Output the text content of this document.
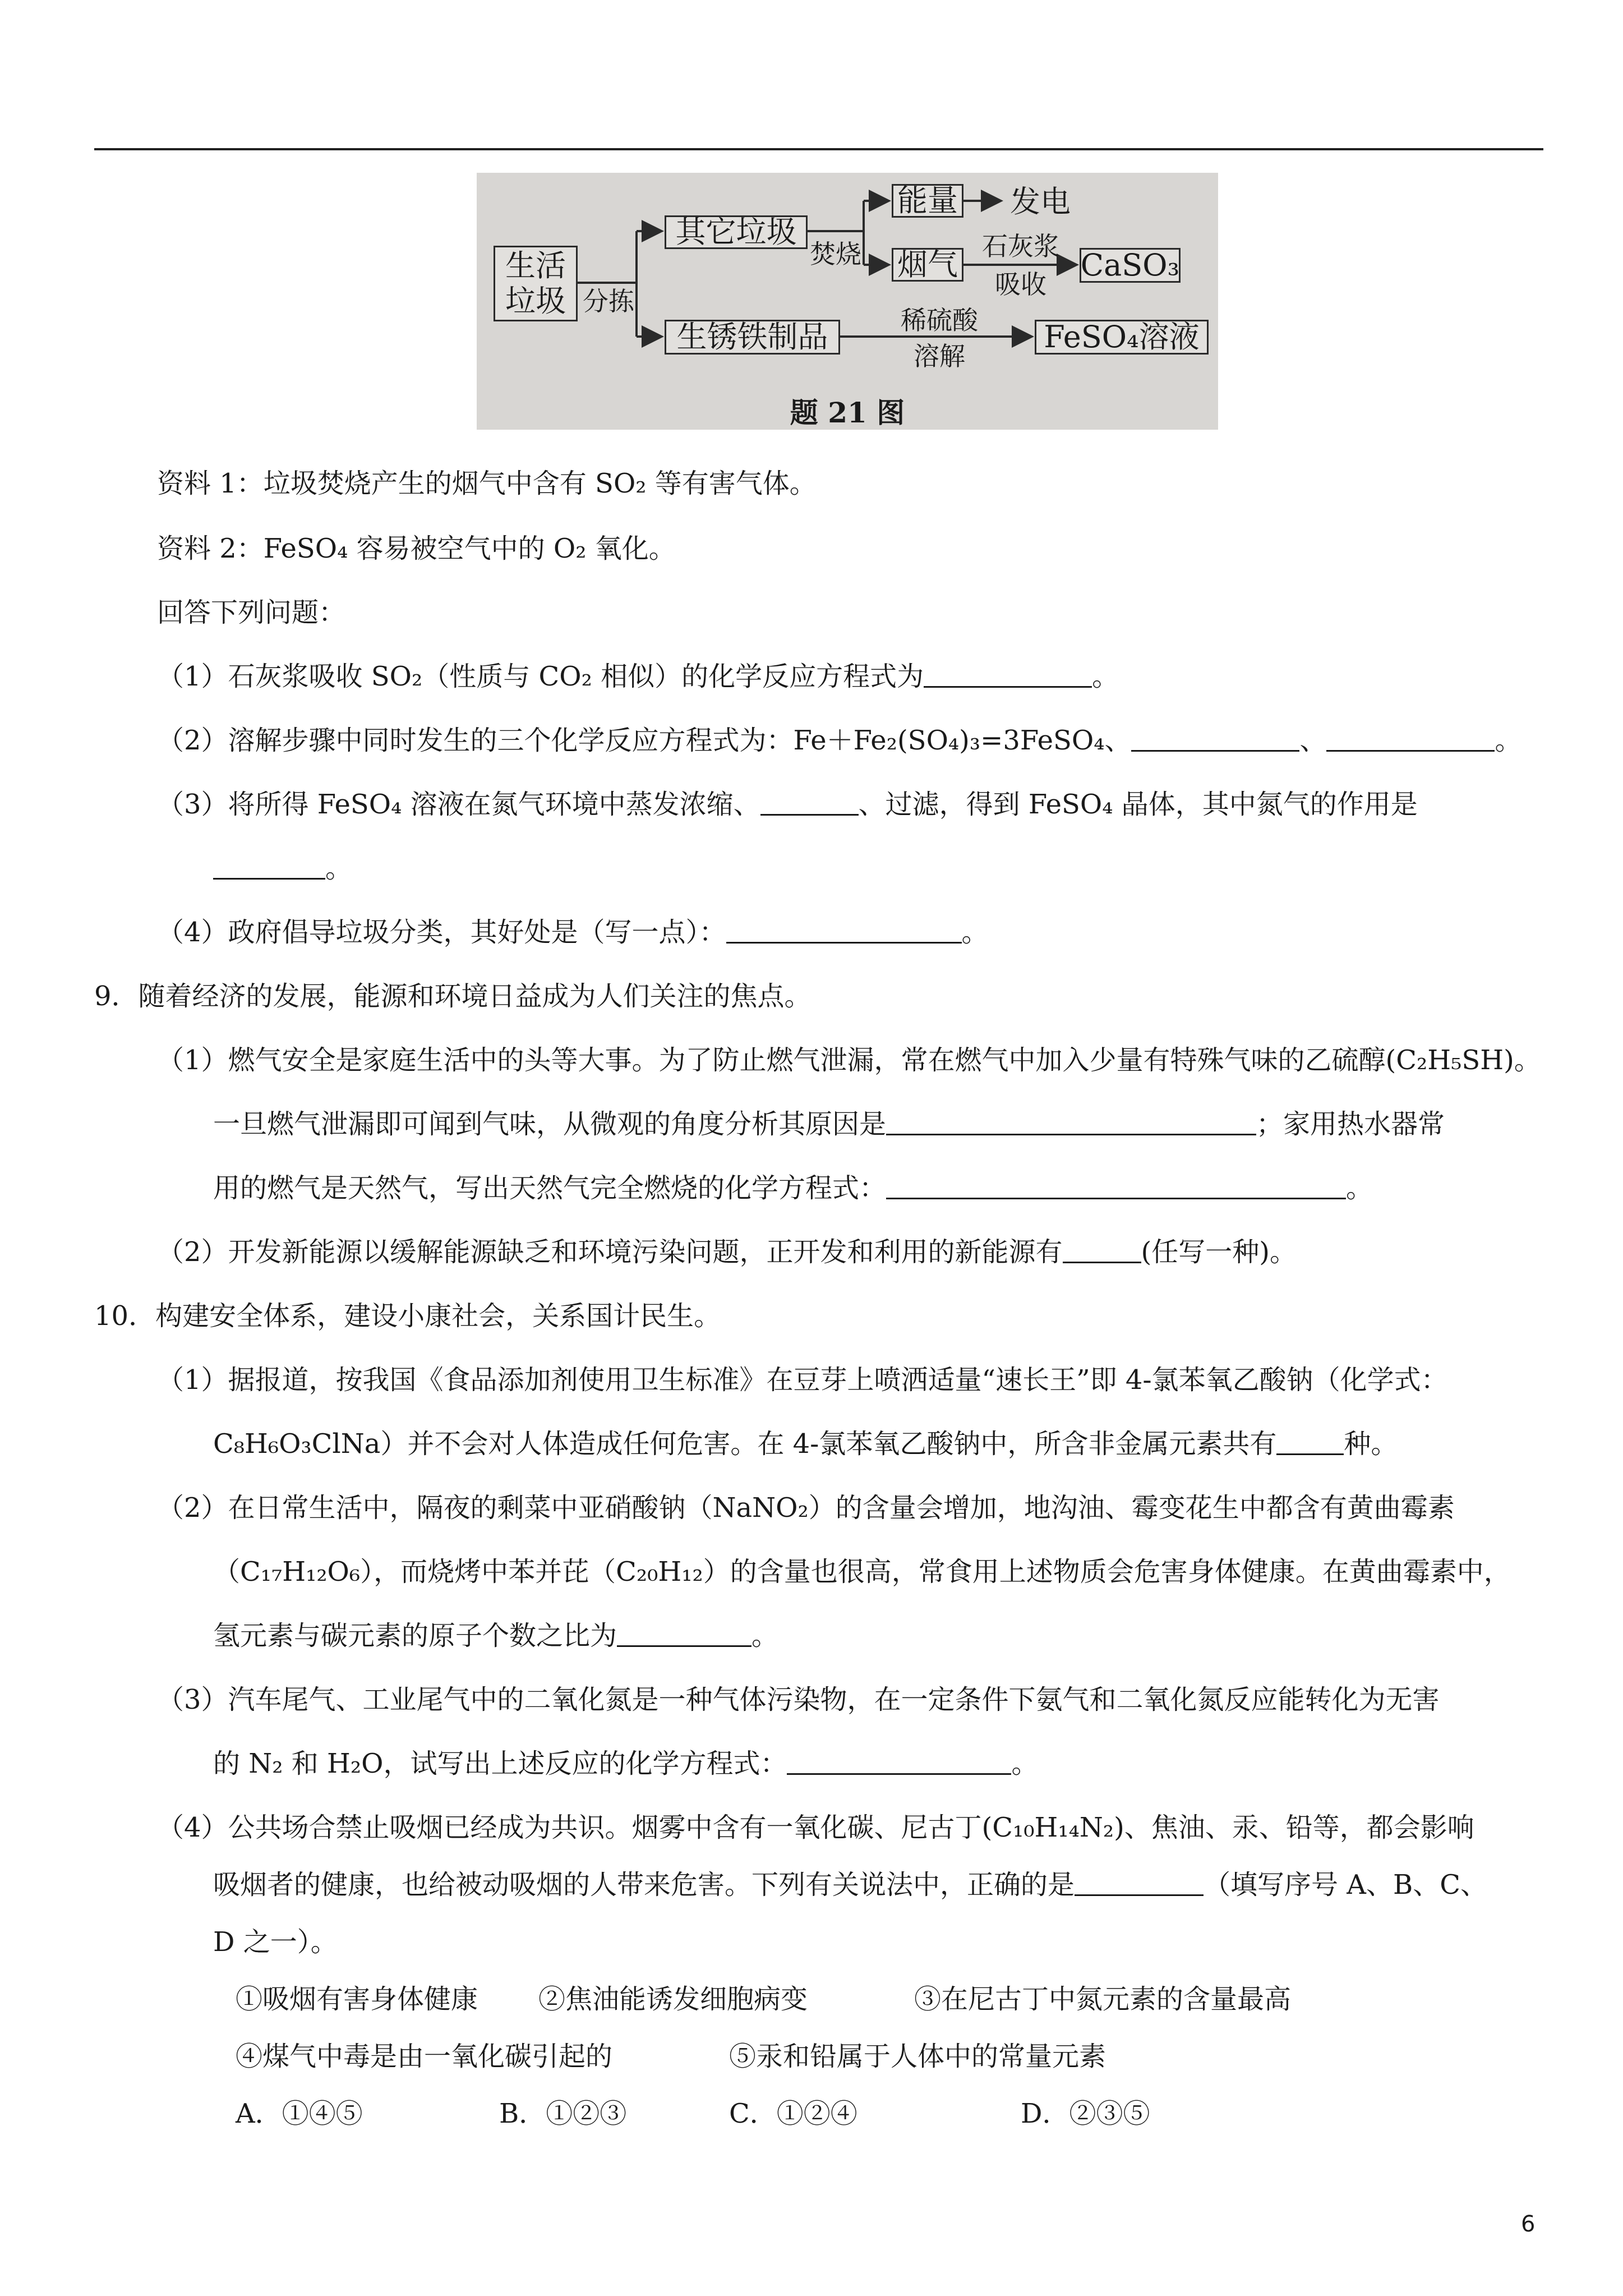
生活垃圾 分拣
其它垃圾
焚烧
能量 发电
烟气
石灰浆
吸收
CaSO₃
生锈铁制品	稀硫酸
溶解
FeSO₄溶液
题 21 图
资料 1：垃圾焚烧产生的烟气中含有 SO₂ 等有害气体。
资料 2：FeSO₄ 容易被空气中的 O₂ 氧化。
回答下列问题：
（1）石灰浆吸收 SO₂（性质与 CO₂ 相似）的化学反应方程式为	。
（2）溶解步骤中同时发生的三个化学反应方程式为：Fe＋Fe₂(SO₄)₃=3FeSO₄、	、	。
（3）将所得 FeSO₄ 溶液在氮气环境中蒸发浓缩、	、过滤，得到 FeSO₄ 晶体，其中氮气的作用是
。
（4）政府倡导垃圾分类，其好处是（写一点）：	。
9．随着经济的发展，能源和环境日益成为人们关注的焦点。
（1）燃气安全是家庭生活中的头等大事。为了防止燃气泄漏，常在燃气中加入少量有特殊气味的乙硫醇(C₂H₅SH)。
一旦燃气泄漏即可闻到气味，从微观的角度分析其原因是	；家用热水器常
用的燃气是天然气，写出天然气完全燃烧的化学方程式：	。
（2）开发新能源以缓解能源缺乏和环境污染问题，正开发和利用的新能源有	(任写一种)。
10．构建安全体系，建设小康社会，关系国计民生。
（1）据报道，按我国《食品添加剂使用卫生标准》在豆芽上喷洒适量“速长王”即 4-氯苯氧乙酸钠（化学式：
C₈H₆O₃ClNa）并不会对人体造成任何危害。在 4-氯苯氧乙酸钠中，所含非金属元素共有	种。
（2）在日常生活中，隔夜的剩菜中亚硝酸钠（NaNO₂）的含量会增加，地沟油、霉变花生中都含有黄曲霉素
（C₁₇H₁₂O₆），而烧烤中苯并芘（C₂₀H₁₂）的含量也很高，常食用上述物质会危害身体健康。在黄曲霉素中，
氢元素与碳元素的原子个数之比为	。
（3）汽车尾气、工业尾气中的二氧化氮是一种气体污染物，在一定条件下氨气和二氧化氮反应能转化为无害
的 N₂ 和 H₂O，试写出上述反应的化学方程式：	。
（4）公共场合禁止吸烟已经成为共识。烟雾中含有一氧化碳、尼古丁(C₁₀H₁₄N₂)、焦油、汞、铅等，都会影响
吸烟者的健康，也给被动吸烟的人带来危害。下列有关说法中，正确的是	（填写序号 A、B、C、
D 之一）。
①吸烟有害身体健康 ②焦油能诱发细胞病变	③在尼古丁中氮元素的含量最高
④煤气中毒是由一氧化碳引起的	⑤汞和铅属于人体中的常量元素
A．①④⑤	B．①②③	C．①②④	D．②③⑤
6
